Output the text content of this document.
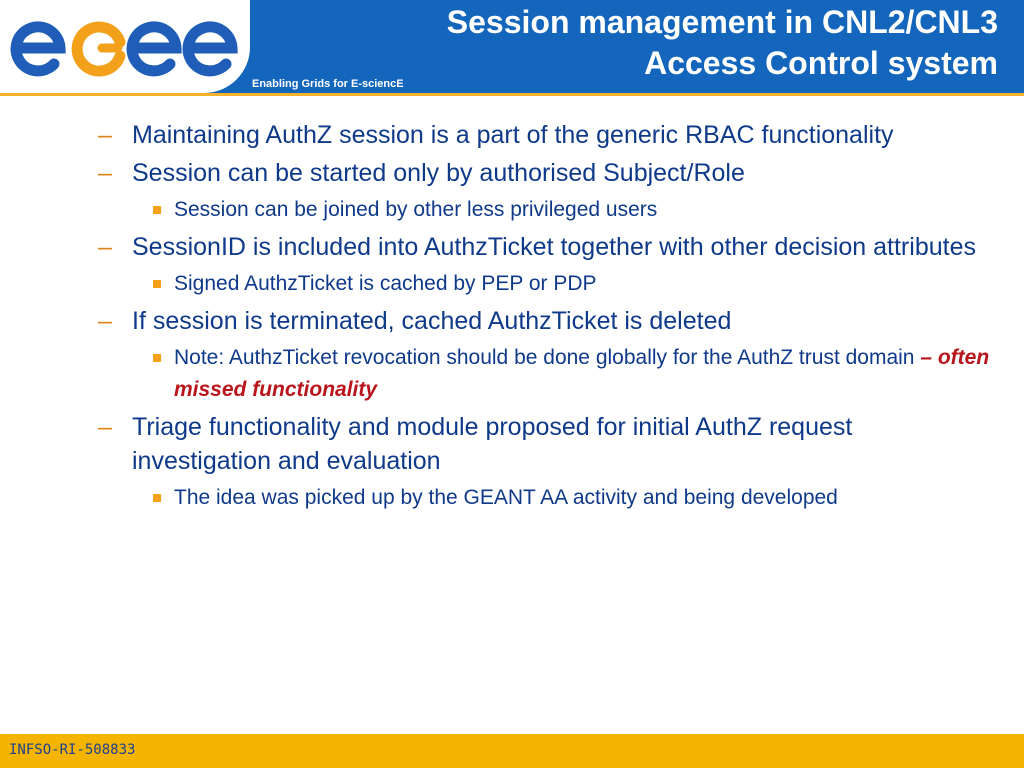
Enabling Grids for E-sciencE
Session management in CNL2/CNL3
Access Control system
– Maintaining AuthZ session is a part of the generic RBAC functionality
– Session can be started only by authorised Subject/Role
Session can be joined by other less privileged users
– SessionID is included into AuthzTicket together with other decision attributes
Signed AuthzTicket is cached by PEP or PDP
– If session is terminated, cached AuthzTicket is deleted
Note: AuthzTicket revocation should be done globally for the AuthZ trust domain – often missed functionality
– Triage functionality and module proposed for initial AuthZ request investigation and evaluation
The idea was picked up by the GEANT AA activity and being developed
INFSO-RI-508833
